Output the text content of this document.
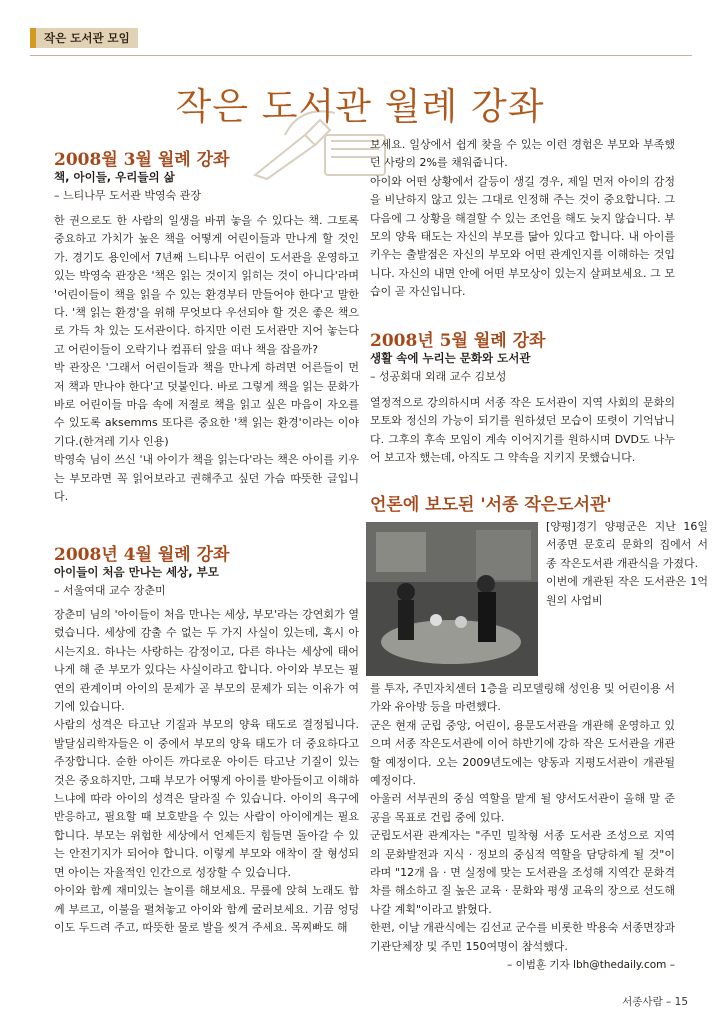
작은 도서관 모임
작은 도서관 월례 강좌
2008월 3월 월례 강좌
책, 아이들, 우리들의 삶
– 느티나무 도서관 박영숙 관장

한 권으로도 한 사람의 일생을 바뀌 놓을 수 있다는 책. 그토록 중요하고 가치가 높은 책을 어떻게 어린이들과 만나게 할 것인가. 경기도 용인에서 7년째 느티나무 어린이 도서관을 운영하고 있는 박영숙 관장은 '책은 읽는 것이지 읽히는 것이 아니다'라며 '어린이들이 책을 읽을 수 있는 환경부터 만들어야 한다'고 말한다. '책 읽는 환경'을 위해 무엇보다 우선되야 할 것은 좋은 책으로 가득 차 있는 도서관이다. 하지만 이런 도서관만 지어 놓는다고 어린이들이 오락기나 컴퓨터 앞을 떠나 책을 잡을까?

박 관장은 '그래서 어린이들과 책을 만나게 하려면 어른들이 먼저 책과 만나야 한다'고 덧붙인다. 바로 그렇게 책을 읽는 문화가 바로 어린이들 마음 속에 저절로 책을 읽고 싶은 마음이 자오를 수 있도록 aksemms 또다른 중요한 '책 읽는 환경'이라는 이야기다.(한겨레 기사 인용)

박영숙 님이 쓰신 '내 아이가 책을 읽는다'라는 책은 아이를 키우는 부모라면 꼭 읽어보라고 권해주고 싶던 가슴 따뜻한 글입니다.

2008년 4월 월례 강좌
아이들이 처음 만나는 세상, 부모
– 서울여대 교수 장춘미

장춘미 님의 '아이들이 처음 만나는 세상, 부모'라는 강연회가 열렸습니다. 세상에 감출 수 없는 두 가지 사실이 있는데, 혹시 아시는지요. 하나는 사랑하는 감정이고, 다른 하나는 세상에 태어나게 해 준 부모가 있다는 사실이라고 합니다. 아이와 부모는 필연의 관계이며 아이의 문제가 곧 부모의 문제가 되는 이유가 여기에 있습니다.

사람의 성격은 타고난 기질과 부모의 양육 태도로 결정됩니다. 발달심리학자들은 이 중에서 부모의 양육 태도가 더 중요하다고 주장합니다. 순한 아이든 까다로운 아이든 타고난 기질이 있는 것은 중요하지만, 그때 부모가 어떻게 아이를 받아들이고 이해하느냐에 따라 아이의 성격은 달라질 수 있습니다. 아이의 욕구에 반응하고, 필요할 때 보호받을 수 있는 사람이 아이에게는 필요합니다. 부모는 위험한 세상에서 언제든지 힘들면 돌아갈 수 있는 안전기지가 되어야 합니다. 이렇게 부모와 애착이 잘 형성되면 아이는 자율적인 인간으로 성장할 수 있습니다.

아이와 함께 재미있는 놀이를 해보세요. 무릎에 앉혀 노래도 함께 부르고, 이불을 펼쳐놓고 아이와 함께 굴러보세요. 기끔 엉덩이도 두드려 주고, 따뜻한 물로 발을 씻겨 주세요. 목찌빠도 해

보세요. 일상에서 쉽게 찾을 수 있는 이런 경험은 부모와 부족했던 사랑의 2%를 채워줍니다.

아이와 어떤 상황에서 갈등이 생길 경우, 제일 먼저 아이의 감정을 비난하지 않고 있는 그대로 인정해 주는 것이 중요합니다. 그 다음에 그 상황을 해결할 수 있는 조언을 해도 늦지 않습니다. 부모의 양육 태도는 자신의 부모를 닮아 있다고 합니다. 내 아이를 키우는 출발점은 자신의 부모와 어떤 관계인지를 이해하는 것입니다. 자신의 내면 안에 어떤 부모상이 있는지 살펴보세요. 그 모습이 곧 자신입니다.

2008년 5월 월례 강좌
생활 속에 누리는 문화와 도서관
– 성공회대 외래 교수 김보성

열정적으로 강의하시며 서종 작은 도서관이 지역 사회의 문화의 모토와 정신의 가능이 되기를 원하셨던 모습이 또렷이 기억납니다. 그후의 후속 모임이 계속 이어지기를 원하시며 DVD도 나누어 보고자 했는데, 아직도 그 약속을 지키지 못했습니다.

언론에 보도된 '서종 작은도서관'

[양평]경기 양평군은 지난 16일 서종면 문호리 문화의 집에서 서종 작은도서관 개관식을 가졌다.

이번에 개관된 작은 도서관은 1억원의 사업비

를 투자, 주민자치센터 1층을 리모델링해 성인용 및 어린이용 서가와 유아방 등을 마련했다.

군은 현재 군립 중앙, 어린이, 용문도서관을 개관해 운영하고 있으며 서종 작은도서관에 이어 하반기에 강하 작은 도서관을 개관할 예정이다. 오는 2009년도에는 양동과 지평도서관이 개관될 예정이다.

아울러 서부권의 중심 역할을 맡게 될 양서도서관이 올해 말 준공을 목표로 건립 중에 있다.

군립도서관 관계자는 "주민 밀착형 서종 도서관 조성으로 지역의 문화발전과 지식 · 정보의 중심적 역할을 담당하게 될 것"이라며 "12개 읍 · 면 실정에 맞는 도서관을 조성해 지역간 문화격차를 해소하고 질 높은 교육 · 문화와 평생 교육의 장으로 선도해 나갈 계획"이라고 밝혔다.

한편, 이날 개관식에는 김선교 군수를 비롯한 박용숙 서종면장과 기관단체장 및 주민 150여명이 참석했다.

– 이범훈 기자 lbh@thedaily.com –

서종사람 – 15
